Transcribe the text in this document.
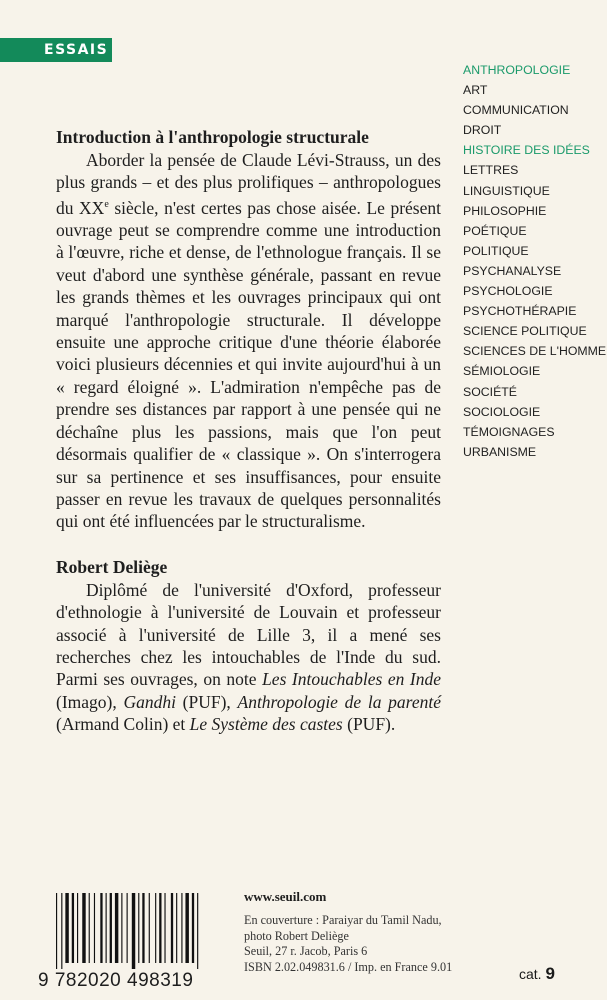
ESSAIS
ANTHROPOLOGIE
ART
COMMUNICATION
DROIT
HISTOIRE DES IDÉES
LETTRES
LINGUISTIQUE
PHILOSOPHIE
POÉTIQUE
POLITIQUE
PSYCHANALYSE
PSYCHOLOGIE
PSYCHOTHÉRAPIE
SCIENCE POLITIQUE
SCIENCES DE L'HOMME
SÉMIOLOGIE
SOCIÉTÉ
SOCIOLOGIE
TÉMOIGNAGES
URBANISME
Introduction à l'anthropologie structurale

Aborder la pensée de Claude Lévi-Strauss, un des plus grands – et des plus prolifiques – anthropologues du XXe siècle, n'est certes pas chose aisée. Le présent ouvrage peut se comprendre comme une introduction à l'œuvre, riche et dense, de l'ethnologue français. Il se veut d'abord une synthèse générale, passant en revue les grands thèmes et les ouvrages principaux qui ont marqué l'anthropologie structurale. Il développe ensuite une approche critique d'une théorie élaborée voici plusieurs décennies et qui invite aujourd'hui à un « regard éloigné ». L'admiration n'empêche pas de prendre ses distances par rapport à une pensée qui ne déchaîne plus les passions, mais que l'on peut désormais qualifier de « classique ». On s'interrogera sur sa pertinence et ses insuffisances, pour ensuite passer en revue les travaux de quelques personnalités qui ont été influencées par le structuralisme.

Robert Deliège

Diplômé de l'université d'Oxford, professeur d'ethnologie à l'université de Louvain et professeur associé à l'université de Lille 3, il a mené ses recherches chez les intouchables de l'Inde du sud. Parmi ses ouvrages, on note Les Intouchables en Inde (Imago), Gandhi (PUF), Anthropologie de la parenté (Armand Colin) et Le Système des castes (PUF).

9 782020 498319
www.seuil.com
En couverture : Paraiyar du Tamil Nadu,
photo Robert Deliège
Seuil, 27 r. Jacob, Paris 6
ISBN 2.02.049831.6 / Imp. en France 9.01	cat. 9
